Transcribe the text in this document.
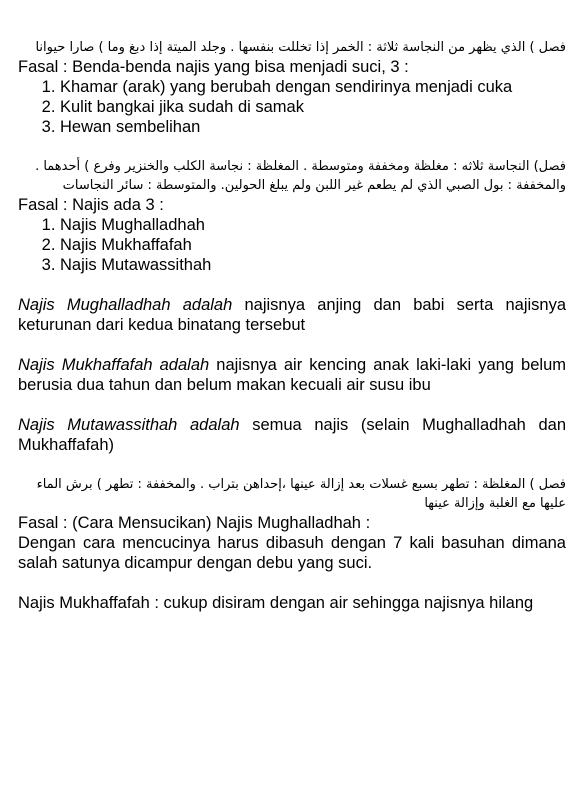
فصل ) الذي يظهر من النجاسة ثلاثة : الخمر إذا تخللت بنفسها . وجلد الميتة إذا دبغ وما ) صارا حيوانا
Fasal : Benda-benda najis yang bisa menjadi suci, 3 :
1. Khamar (arak) yang berubah dengan sendirinya menjadi cuka
2. Kulit bangkai jika sudah di samak
3. Hewan sembelihan
فصل) النجاسة ثلاثه : مغلظة ومخففة ومتوسطة . المغلظة : نجاسة الكلب والخنزير وفرع ) أحدهما . والمخففة : بول الصبي الذي لم يطعم غير اللبن ولم يبلغ الحولين. والمتوسطة : سائر النجاسات
Fasal : Najis ada 3 :
1. Najis Mughalladhah
2. Najis Mukhaffafah
3. Najis Mutawassithah

Najis Mughalladhah adalah najisnya anjing dan babi serta najisnya keturunan dari kedua binatang tersebut

Najis Mukhaffafah adalah najisnya air kencing anak laki-laki yang belum berusia dua tahun dan belum makan kecuali air susu ibu

Najis Mutawassithah adalah semua najis (selain Mughalladhah dan Mukhaffafah)

فصل ) المغلظة : تطهر بسبع غسلات بعد إزالة عينها ،إحداهن بتراب . والمخففة : تطهر ) برش الماء عليها مع الغلبة وإزالة عينها
Fasal : (Cara Mensucikan) Najis Mughalladhah :

Dengan cara mencucinya harus dibasuh dengan 7 kali basuhan dimana salah satunya dicampur dengan debu yang suci.

Najis Mukhaffafah : cukup disiram dengan air sehingga najisnya hilang
